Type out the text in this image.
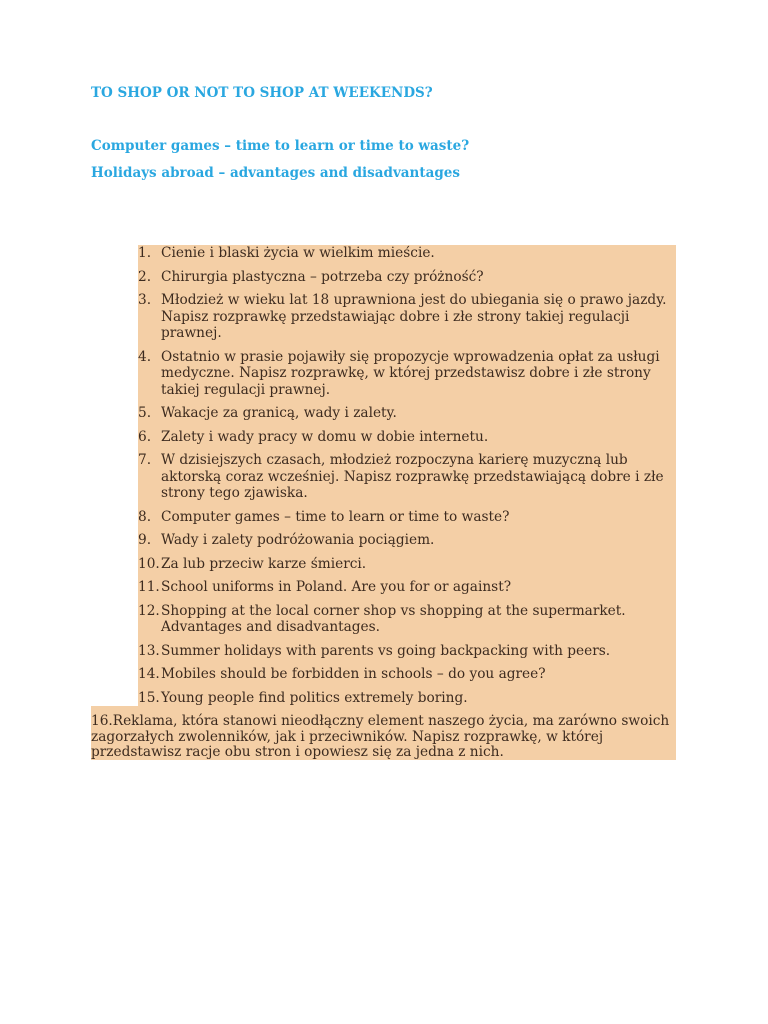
TO SHOP OR NOT TO SHOP AT WEEKENDS?
Computer games – time to learn or time to waste?
Holidays abroad – advantages and disadvantages
1. Cienie i blaski życia w wielkim mieście.
2. Chirurgia plastyczna – potrzeba czy próżność?
3. Młodzież w wieku lat 18 uprawniona jest do ubiegania się o prawo jazdy. Napisz rozprawkę przedstawiając dobre i złe strony takiej regulacji prawnej.
4. Ostatnio w prasie pojawiły się propozycje wprowadzenia opłat za usługi medyczne. Napisz rozprawkę, w której przedstawisz dobre i złe strony takiej regulacji prawnej.
5. Wakacje za granicą, wady i zalety.
6. Zalety i wady pracy w domu w dobie internetu.
7. W dzisiejszych czasach, młodzież rozpoczyna karierę muzyczną lub aktorską coraz wcześniej. Napisz rozprawkę przedstawiającą dobre i złe strony tego zjawiska.
8. Computer games – time to learn or time to waste?
9. Wady i zalety podróżowania pociągiem.
10. Za lub przeciw karze śmierci.
11. School uniforms in Poland. Are you for or against?
12. Shopping at the local corner shop vs shopping at the supermarket. Advantages and disadvantages.
13. Summer holidays with parents vs going backpacking with peers.
14. Mobiles should be forbidden in schools – do you agree?
15. Young people find politics extremely boring.
16.Reklama, która stanowi nieodłączny element naszego życia, ma zarówno swoich zagorzałych zwolenników, jak i przeciwników. Napisz rozprawkę, w której przedstawisz racje obu stron i opowiesz się za jedna z nich.
